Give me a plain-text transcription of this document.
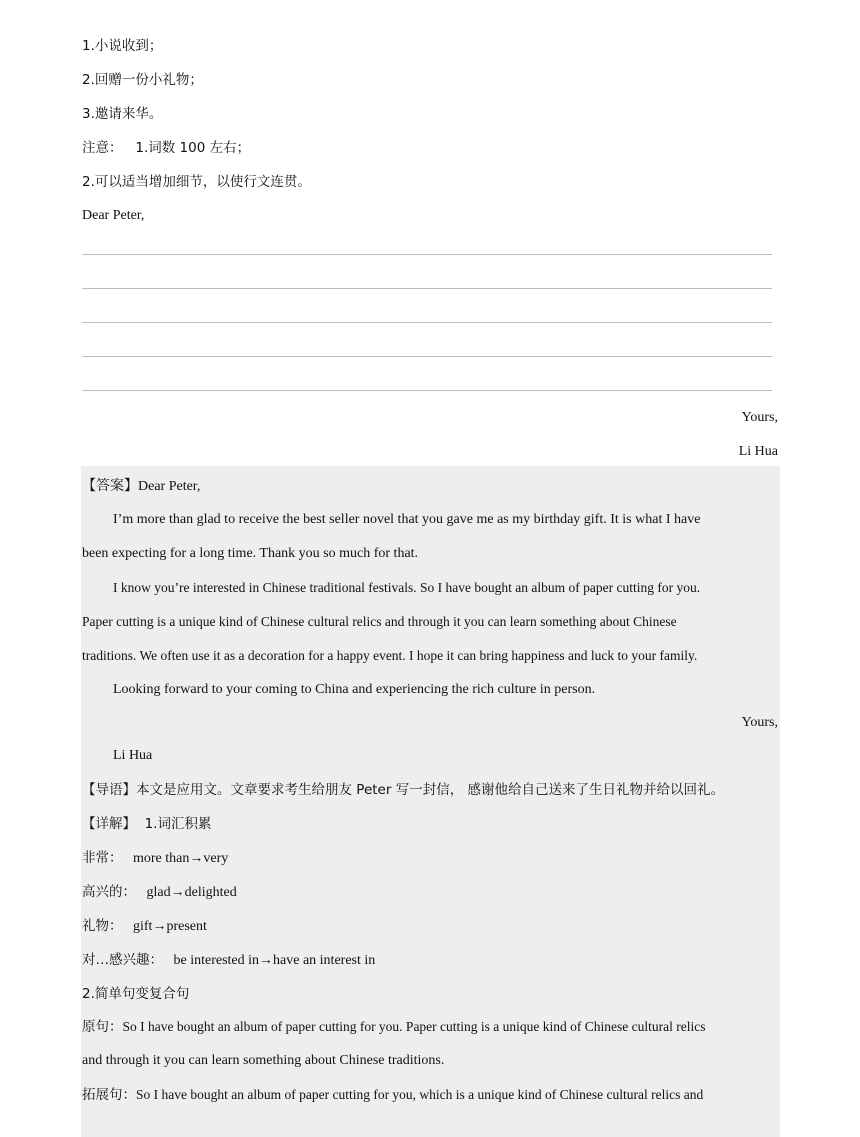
1.小说收到；
2.回赠一份小礼物；
3.邀请来华。
注意： 1.词数 100 左右；
2.可以适当增加细节，以使行文连贯。
Dear Peter,
Yours,
Li Hua
【答案】Dear Peter,
I’m more than glad to receive the best seller novel that you gave me as my birthday gift. It is what I have
been expecting for a long time. Thank you so much for that.
I know you’re interested in Chinese traditional festivals. So I have bought an album of paper cutting for you.
Paper cutting is a unique kind of Chinese cultural relics and through it you can learn something about Chinese
traditions. We often use it as a decoration for a happy event. I hope it can bring happiness and luck to your family.
Looking forward to your coming to China and experiencing the rich culture in person.
Yours,
Li Hua
【导语】本文是应用文。文章要求考生给朋友 Peter 写一封信， 感谢他给自己送来了生日礼物并给以回礼。
【详解】 1.词汇积累
非常： more than→very
高兴的： glad→delighted
礼物： gift→present
对…感兴趣： be interested in→have an interest in
2.简单句变复合句
原句：So I have bought an album of paper cutting for you. Paper cutting is a unique kind of Chinese cultural relics
and through it you can learn something about Chinese traditions.
拓展句：So I have bought an album of paper cutting for you, which is a unique kind of Chinese cultural relics and
